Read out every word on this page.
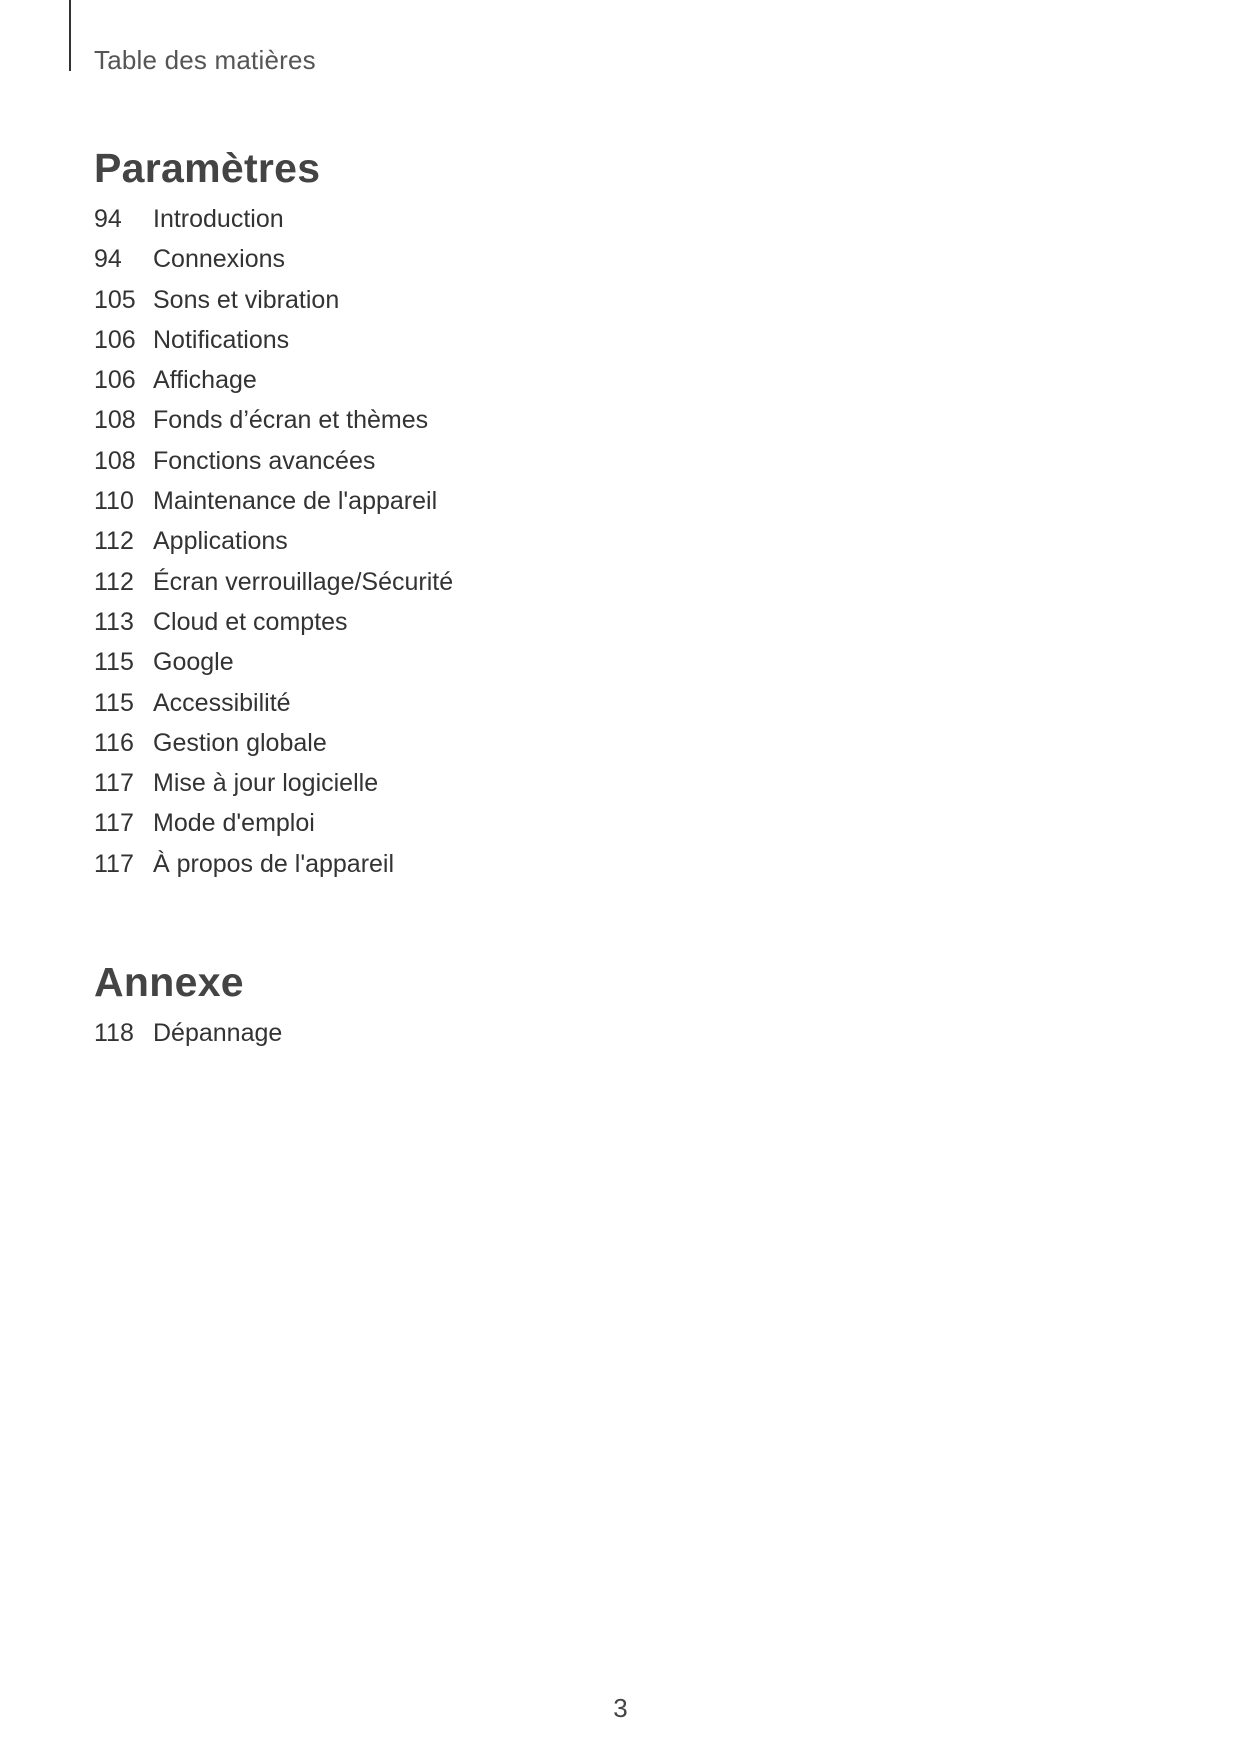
Table des matières
Paramètres
94	Introduction
94	Connexions
105 Sons et vibration
106 Notifications
106 Affichage
108 Fonds d’écran et thèmes
108 Fonctions avancées
110 Maintenance de l'appareil
112 Applications
112 Écran verrouillage/Sécurité
113 Cloud et comptes
115 Google
115 Accessibilité
116 Gestion globale
117 Mise à jour logicielle
117 Mode d'emploi
117 À propos de l'appareil
Annexe
118 Dépannage
3
